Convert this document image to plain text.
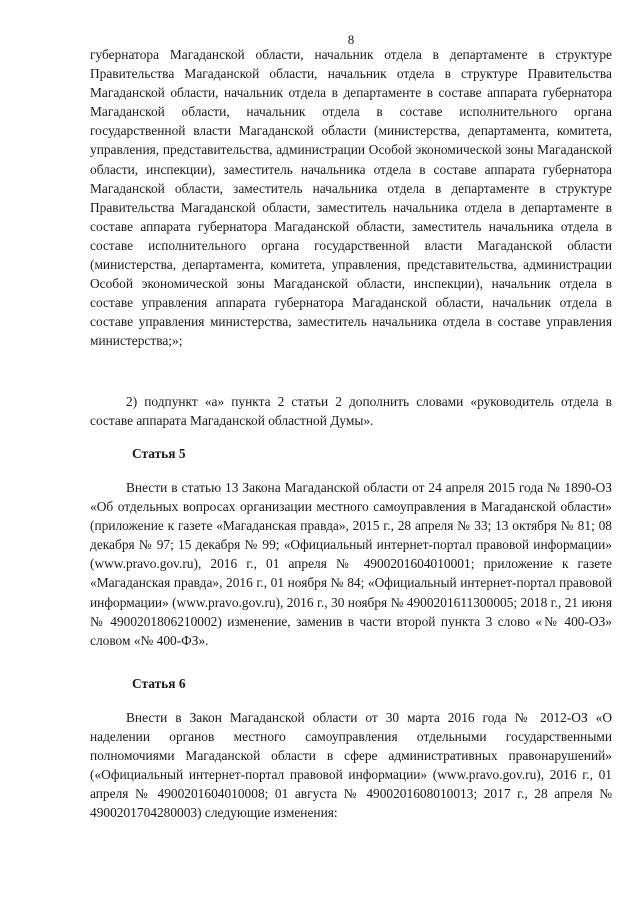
8

губернатора Магаданской области, начальник отдела в департаменте в структуре Правительства Магаданской области, начальник отдела в структуре Правительства Магаданской области, начальник отдела в департаменте в составе аппарата губернатора Магаданской области, начальник отдела в составе исполнительного органа государственной власти Магаданской области (министерства, департамента, комитета, управления, представительства, администрации Особой экономической зоны Магаданской области, инспекции), заместитель начальника отдела в составе аппарата губернатора Магаданской области, заместитель начальника отдела в департаменте в структуре Правительства Магаданской области, заместитель начальника отдела в департаменте в составе аппарата губернатора Магаданской области, заместитель начальника отдела в составе исполнительного органа государственной власти Магаданской области (министерства, департамента, комитета, управления, представительства, администрации Особой экономической зоны Магаданской области, инспекции), начальник отдела в составе управления аппарата губернатора Магаданской области, начальник отдела в составе управления министерства, заместитель начальника отдела в составе управления министерства;»;

2) подпункт «а» пункта 2 статьи 2 дополнить словами «руководитель отдела в составе аппарата Магаданской областной Думы».

Статья 5

Внести в статью 13 Закона Магаданской области от 24 апреля 2015 года № 1890-ОЗ «Об отдельных вопросах организации местного самоуправления в Магаданской области» (приложение к газете «Магаданская правда», 2015 г., 28 апреля № 33; 13 октября № 81; 08 декабря № 97; 15 декабря № 99; «Официальный интернет-портал правовой информации» (www.pravo.gov.ru), 2016 г., 01 апреля № 4900201604010001; приложение к газете «Магаданская правда», 2016 г., 01 ноября № 84; «Официальный интернет-портал правовой информации» (www.pravo.gov.ru), 2016 г., 30 ноября № 4900201611300005; 2018 г., 21 июня № 4900201806210002) изменение, заменив в части второй пункта 3 слово «№ 400-ОЗ» словом «№ 400-ФЗ».

Статья 6

Внести в Закон Магаданской области от 30 марта 2016 года № 2012-ОЗ «О наделении органов местного самоуправления отдельными государственными полномочиями Магаданской области в сфере административных правонарушений» («Официальный интернет-портал правовой информации» (www.pravo.gov.ru), 2016 г., 01 апреля № 4900201604010008; 01 августа № 4900201608010013; 2017 г., 28 апреля № 4900201704280003) следующие изменения:
